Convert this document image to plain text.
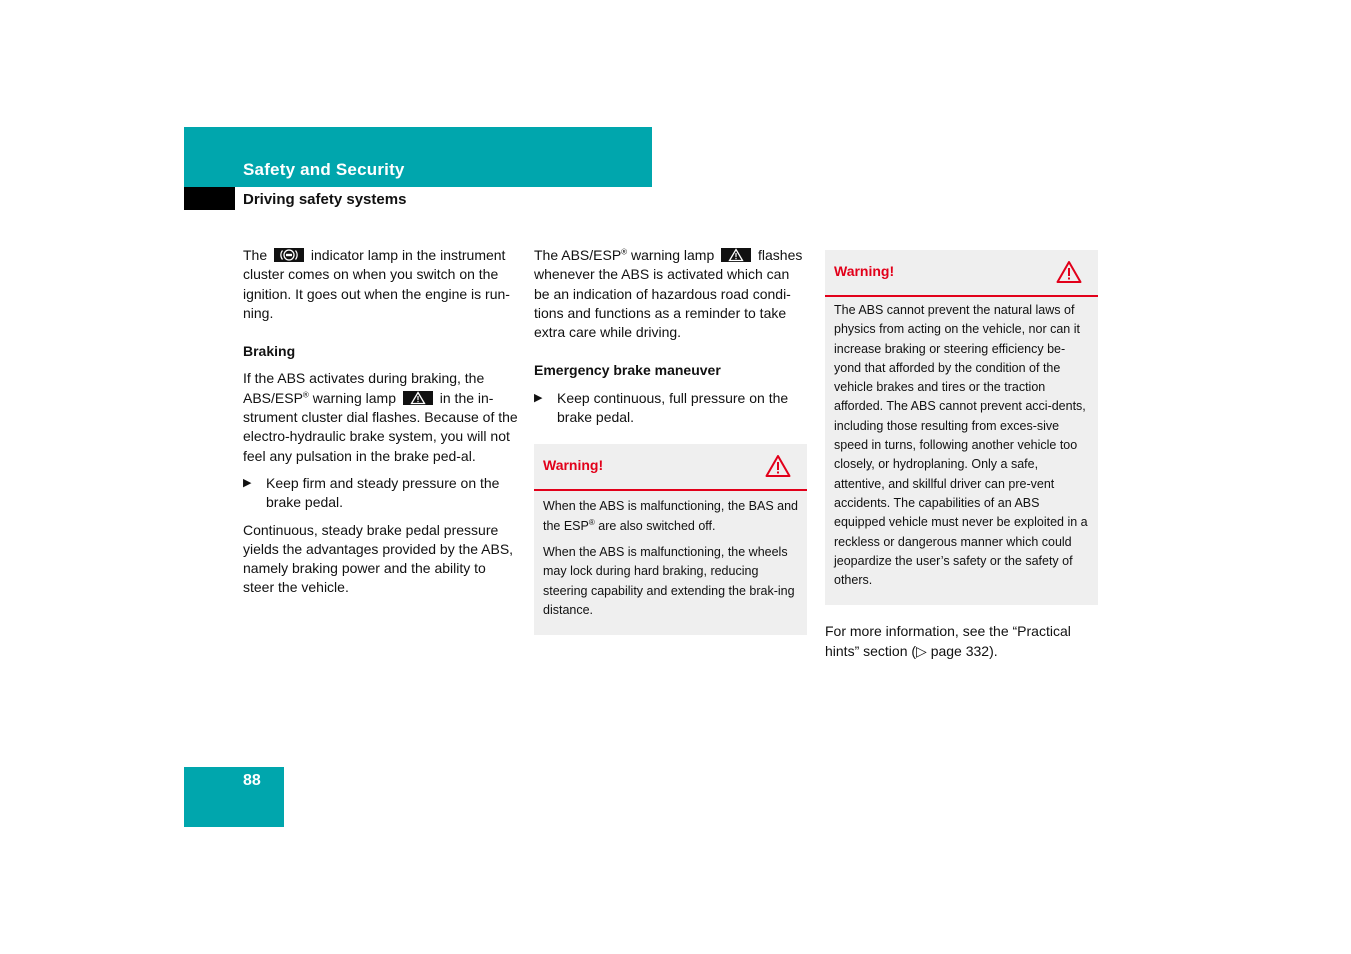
Safety and Security
Driving safety systems

The	indicator lamp in the instrument cluster comes on when you switch on the ignition. It goes out when the engine is run-ning.

Braking

If the ABS activates during braking, the ABS/ESP® warning lamp	in the in-strument cluster dial flashes. Because of the electro-hydraulic brake system, you will not feel any pulsation in the brake ped-al.

▶ Keep firm and steady pressure on the brake pedal.

Continuous, steady brake pedal pressure yields the advantages provided by the ABS, namely braking power and the ability to steer the vehicle.

The ABS/ESP® warning lamp	flashes whenever the ABS is activated which can be an indication of hazardous road condi-tions and functions as a reminder to take extra care while driving.

Emergency brake maneuver

▶ Keep continuous, full pressure on the brake pedal.

Warning!

When the ABS is malfunctioning, the BAS and the ESP® are also switched off.

When the ABS is malfunctioning, the wheels may lock during hard braking, reducing steering capability and extending the brak-ing distance.

Warning!

The ABS cannot prevent the natural laws of physics from acting on the vehicle, nor can it increase braking or steering efficiency be-yond that afforded by the condition of the vehicle brakes and tires or the traction afforded. The ABS cannot prevent acci-dents, including those resulting from exces-sive speed in turns, following another vehicle too closely, or hydroplaning. Only a safe, attentive, and skillful driver can pre-vent accidents. The capabilities of an ABS equipped vehicle must never be exploited in a reckless or dangerous manner which could jeopardize the user’s safety or the safety of others.

For more information, see the “Practical hints” section (▷ page 332).

88
